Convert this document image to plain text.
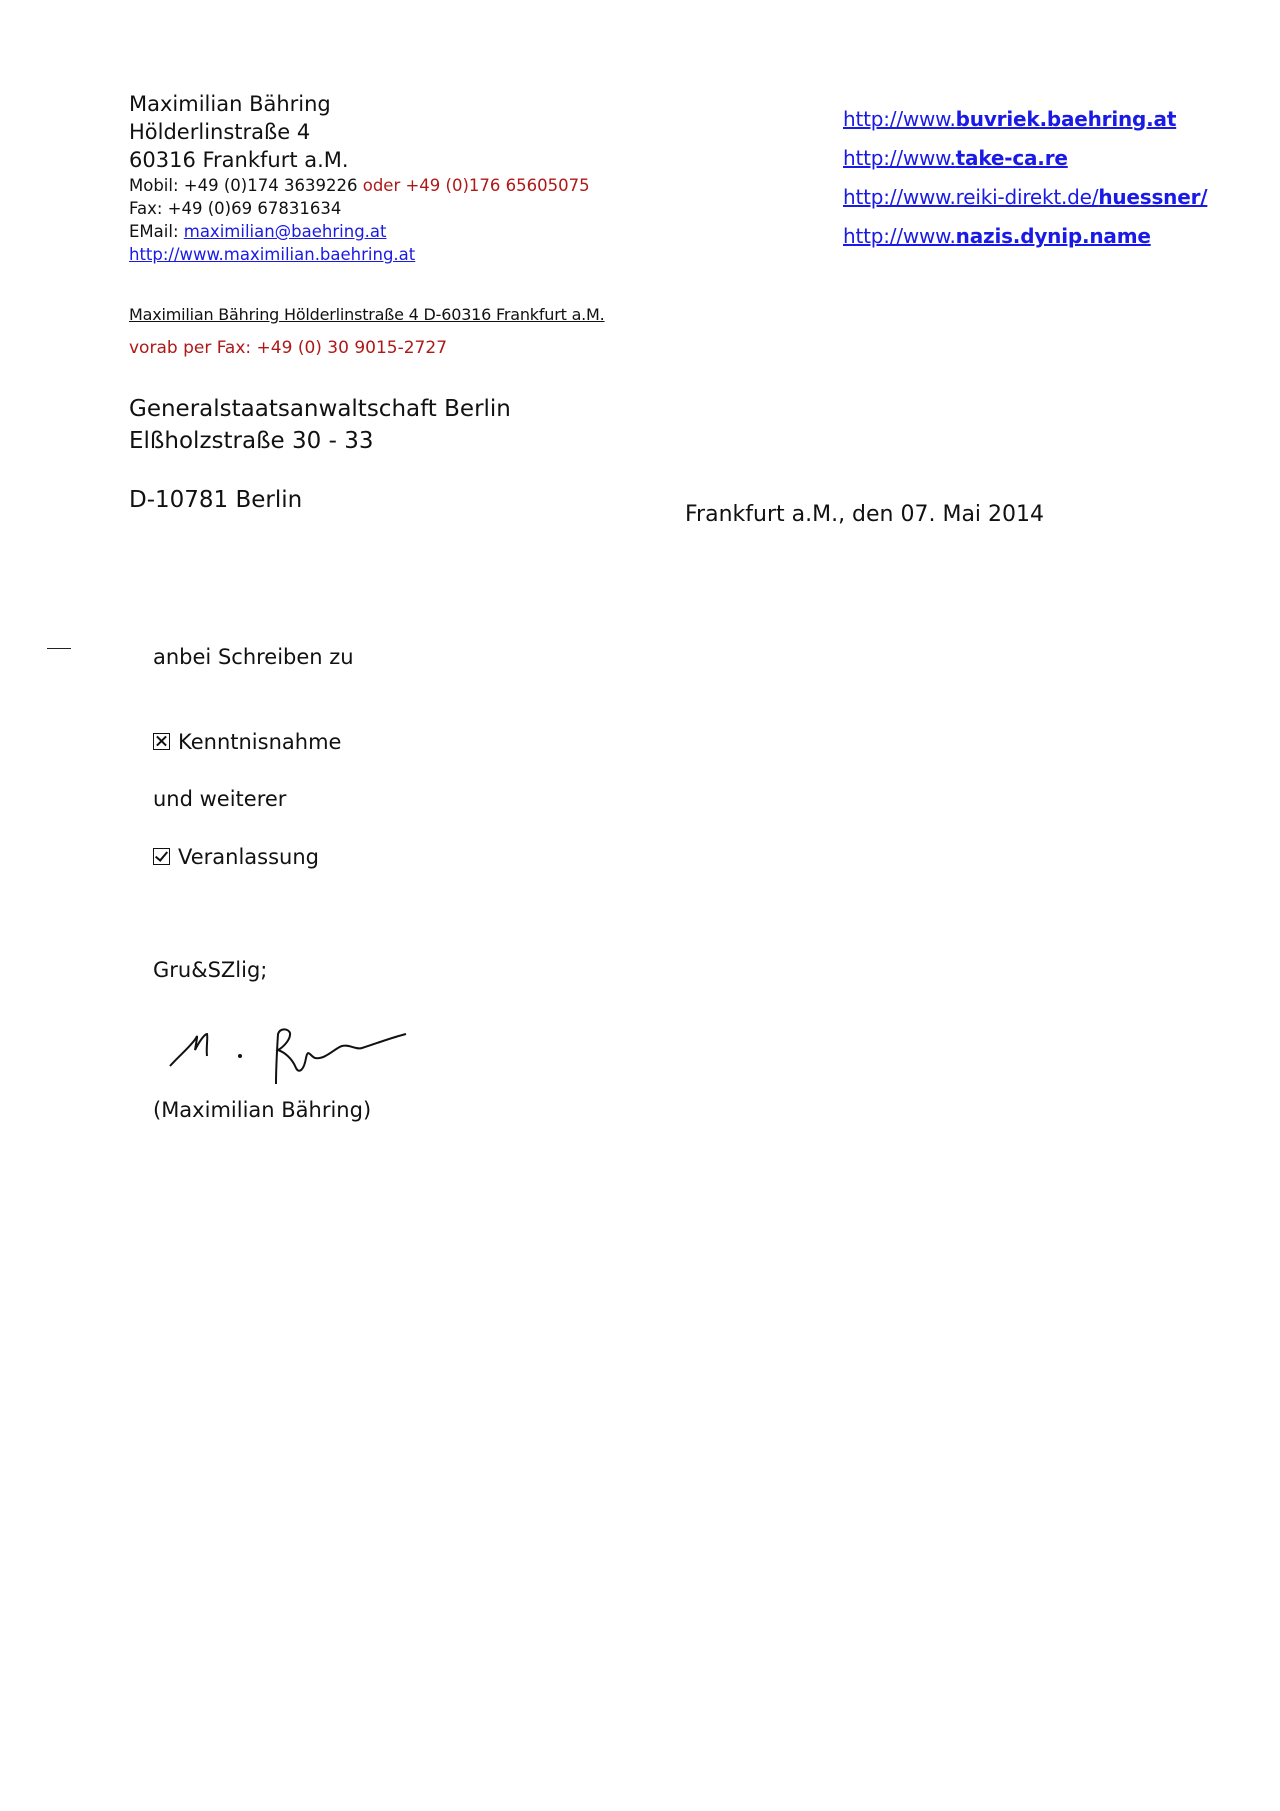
Maximilian Bähring
Hölderlinstraße 4
60316 Frankfurt a.M.
Mobil: +49 (0)174 3639226 oder +49 (0)176 65605075
Fax: +49 (0)69 67831634
EMail: maximilian@baehring.at
http://www.maximilian.baehring.at
http://www.buvriek.baehring.at
http://www.take-ca.re
http://www.reiki-direkt.de/huessner/
http://www.nazis.dynip.name
Maximilian Bähring Hölderlinstraße 4 D-60316 Frankfurt a.M.
vorab per Fax: +49 (0) 30 9015-2727
Generalstaatsanwaltschaft Berlin
Elßholzstraße 30 - 33
D-10781 Berlin
Frankfurt a.M., den 07. Mai 2014
anbei Schreiben zu
Kenntnisnahme
und weiterer
Veranlassung
Gru&SZlig;
(Maximilian Bähring)
